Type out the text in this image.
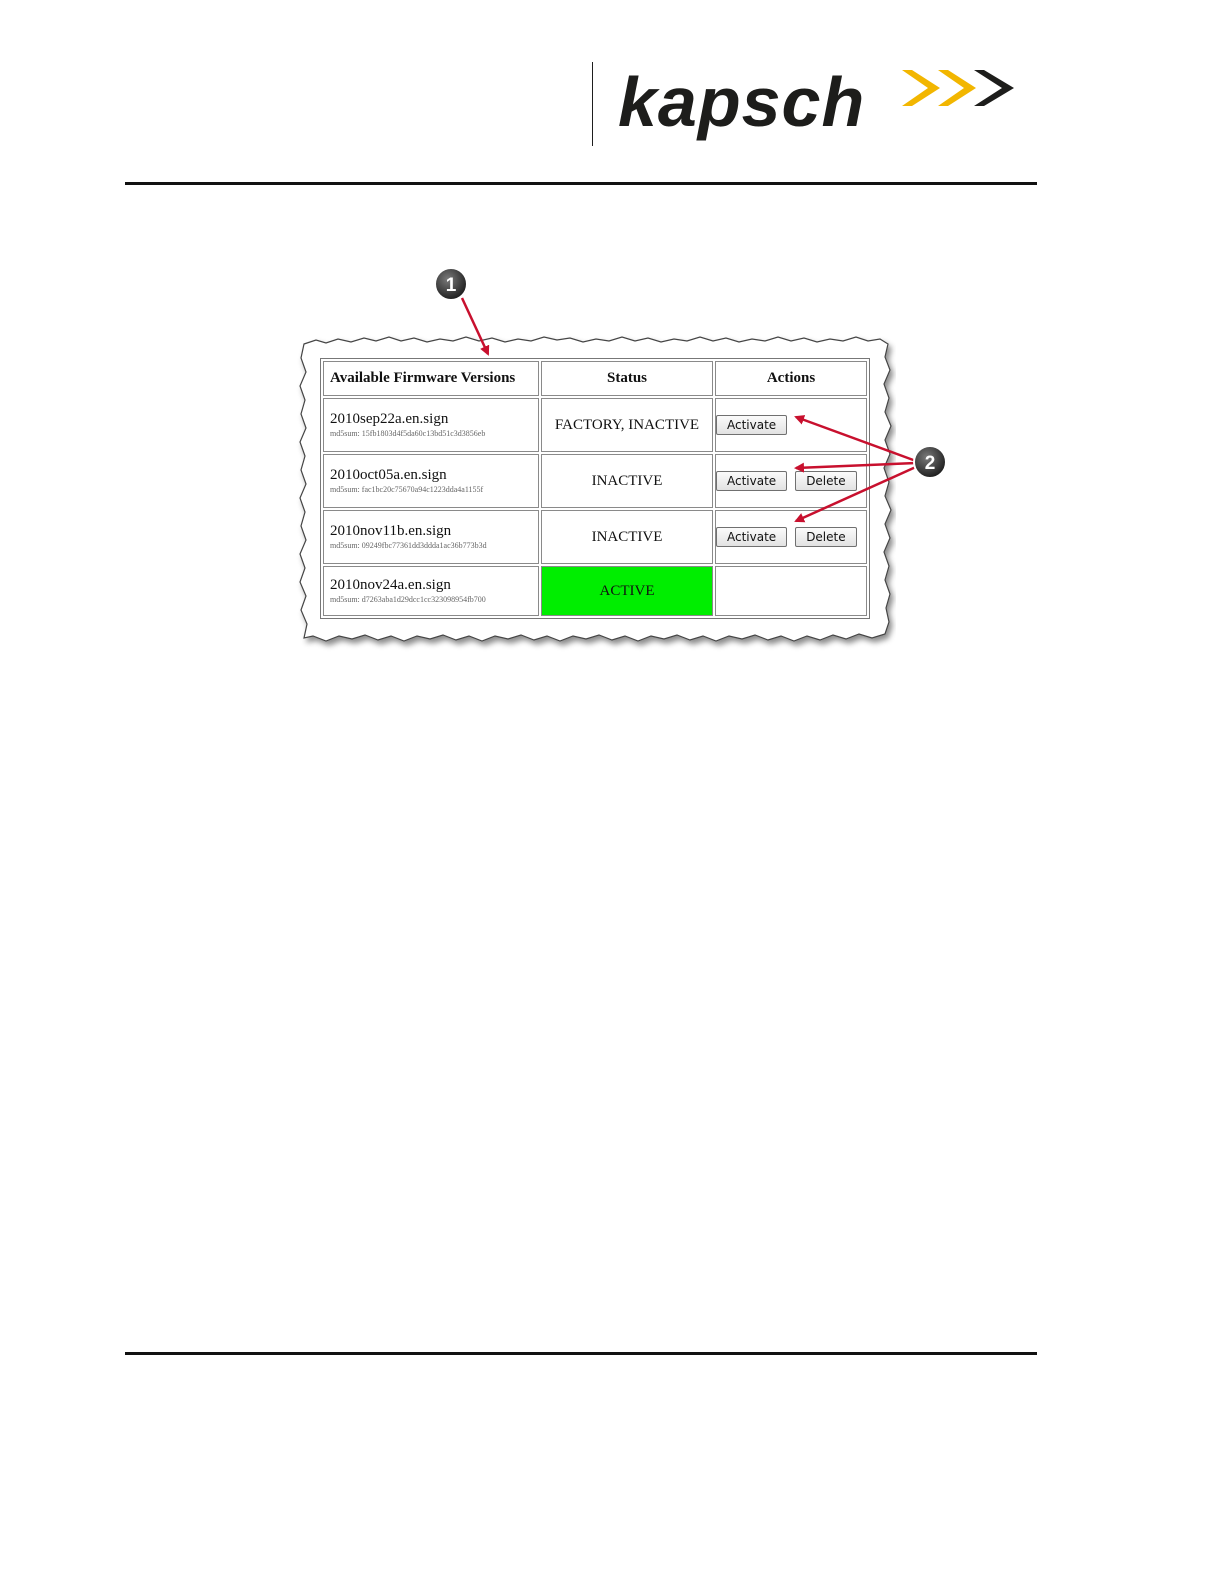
kapsch
Available Firmware Versions	Status	Actions

2010sep22a.en.sign
md5sum: 15fb1803d4f5da60c13bd51c3d3856eb	FACTORY, INACTIVE	Activate

2010oct05a.en.sign
md5sum: fac1bc20c75670a94c1223dda4a1155f	INACTIVE	Activate Delete

2010nov11b.en.sign
md5sum: 09249fbc77361dd3ddda1ac36b773b3d	INACTIVE	Activate Delete

2010nov24a.en.sign
md5sum: d7263aba1d29dcc1cc323098954fb700	ACTIVE	
1
2
